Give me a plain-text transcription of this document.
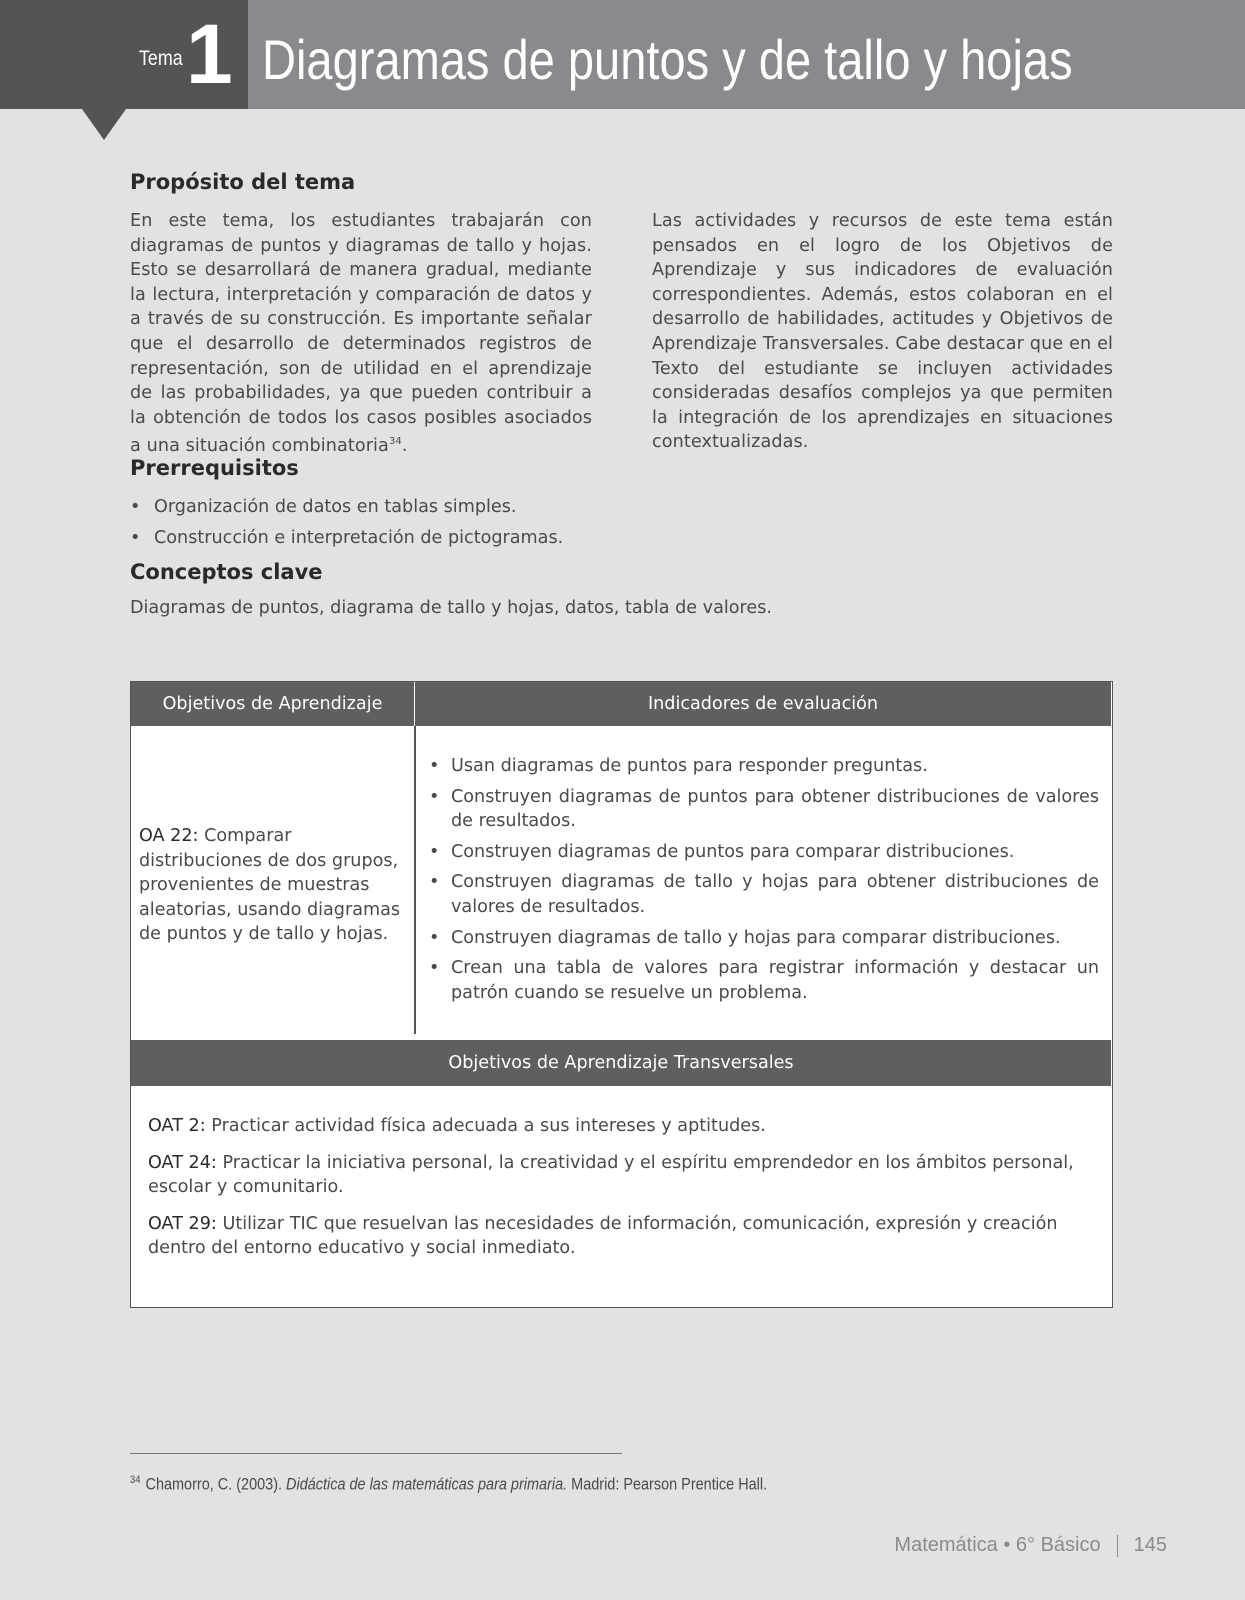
Tema 1 Diagramas de puntos y de tallo y hojas
Propósito del tema

En este tema, los estudiantes trabajarán con diagramas de puntos y diagramas de tallo y hojas. Esto se desarrollará de manera gradual, mediante la lectura, interpretación y comparación de datos y a través de su construcción. Es importante señalar que el desarrollo de determinados registros de representación, son de utilidad en el aprendizaje de las probabilidades, ya que pueden contribuir a la obtención de todos los casos posibles asociados a una situación combinatoria$^{34}$.

Las actividades y recursos de este tema están pensados en el logro de los Objetivos de Aprendizaje y sus indicadores de evaluación correspondientes. Además, estos colaboran en el desarrollo de habilidades, actitudes y Objetivos de Aprendizaje Transversales. Cabe destacar que en el Texto del estudiante se incluyen actividades consideradas desafíos complejos ya que permiten la integración de los aprendizajes en situaciones contextualizadas.

Prerrequisitos
• Organización de datos en tablas simples.
• Construcción e interpretación de pictogramas.
Conceptos clave

Diagramas de puntos, diagrama de tallo y hojas, datos, tabla de valores.

Objetivos de Aprendizaje	Indicadores de evaluación

OA 22: Comparar distribuciones de dos grupos, provenientes de muestras aleatorias, usando diagramas de puntos y de tallo y hojas.

• Usan diagramas de puntos para responder preguntas.
• Construyen diagramas de puntos para obtener distribuciones de valores de resultados.
• Construyen diagramas de puntos para comparar distribuciones.
• Construyen diagramas de tallo y hojas para obtener distribuciones de valores de resultados.
• Construyen diagramas de tallo y hojas para comparar distribuciones.
• Crean una tabla de valores para registrar información y destacar un patrón cuando se resuelve un problema.
Objetivos de Aprendizaje Transversales
OAT 2: Practicar actividad física adecuada a sus intereses y aptitudes.
OAT 24: Practicar la iniciativa personal, la creatividad y el espíritu emprendedor en los ámbitos personal, escolar y comunitario.
OAT 29: Utilizar TIC que resuelvan las necesidades de información, comunicación, expresión y creación dentro del entorno educativo y social inmediato.
$^{34}$ Chamorro, C. (2003). Didáctica de las matemáticas para primaria. Madrid: Pearson Prentice Hall.
Matemática • 6° Básico 145
